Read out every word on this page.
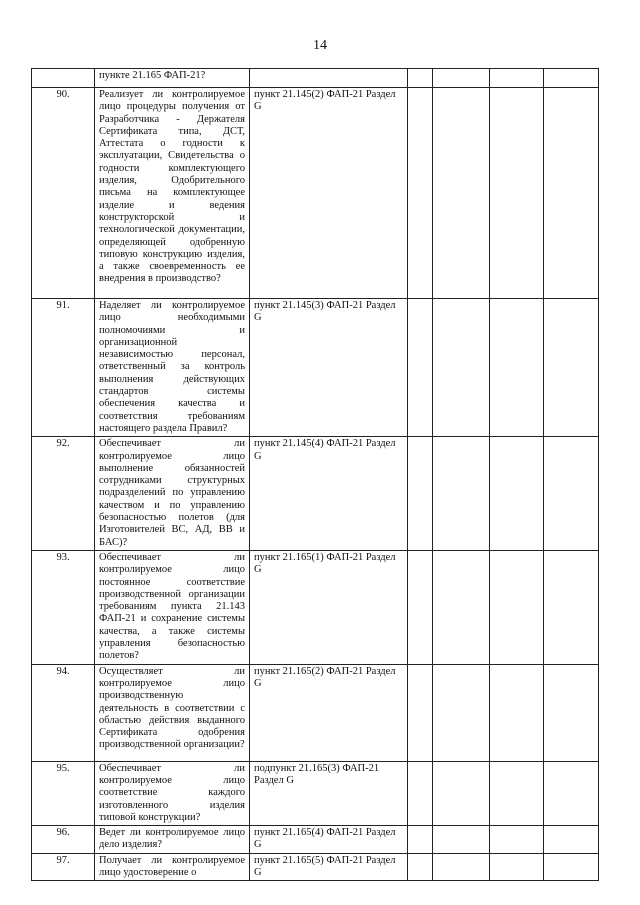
14
	пункте 21.165 ФАП-21?					
90.	Реализует ли контролируемое лицо процедуры получения от Разработчика - Держателя Сертификата типа, ДСТ, Аттестата о годности к эксплуатации, Свидетельства о годности комплектующего изделия, Одобрительного письма на комплектующее изделие и ведения конструкторской и технологической документации, определяющей одобренную типовую конструкцию изделия, а также своевременность ее внедрения в производство?	пункт 21.145(2) ФАП-21 Раздел G				
91.	Наделяет ли контролируемое лицо необходимыми полномочиями и организационной независимостью персонал, ответственный за контроль выполнения действующих стандартов системы обеспечения качества и соответствия требованиям настоящего раздела Правил?	пункт 21.145(3) ФАП-21 Раздел G				
92.	Обеспечивает ли контролируемое лицо выполнение обязанностей сотрудниками структурных подразделений по управлению качеством и по управлению безопасностью полетов (для Изготовителей ВС, АД, ВВ и БАС)?	пункт 21.145(4) ФАП-21 Раздел G				
93.	Обеспечивает ли контролируемое лицо постоянное соответствие производственной организации требованиям пункта 21.143 ФАП-21 и сохранение системы качества, а также системы управления безопасностью полетов?	пункт 21.165(1) ФАП-21 Раздел G				
94.	Осуществляет ли контролируемое лицо производственную деятельность в соответствии с областью действия выданного Сертификата одобрения производственной организации?	пункт 21.165(2) ФАП-21 Раздел G				
95.	Обеспечивает ли контролируемое лицо соответствие каждого изготовленного изделия типовой конструкции?	подпункт 21.165(3) ФАП-21 Раздел G				
96.	Ведет ли контролируемое лицо дело изделия?	пункт 21.165(4) ФАП-21 Раздел G				
97.	Получает ли контролируемое лицо удостоверение о	пункт 21.165(5) ФАП-21 Раздел G				
